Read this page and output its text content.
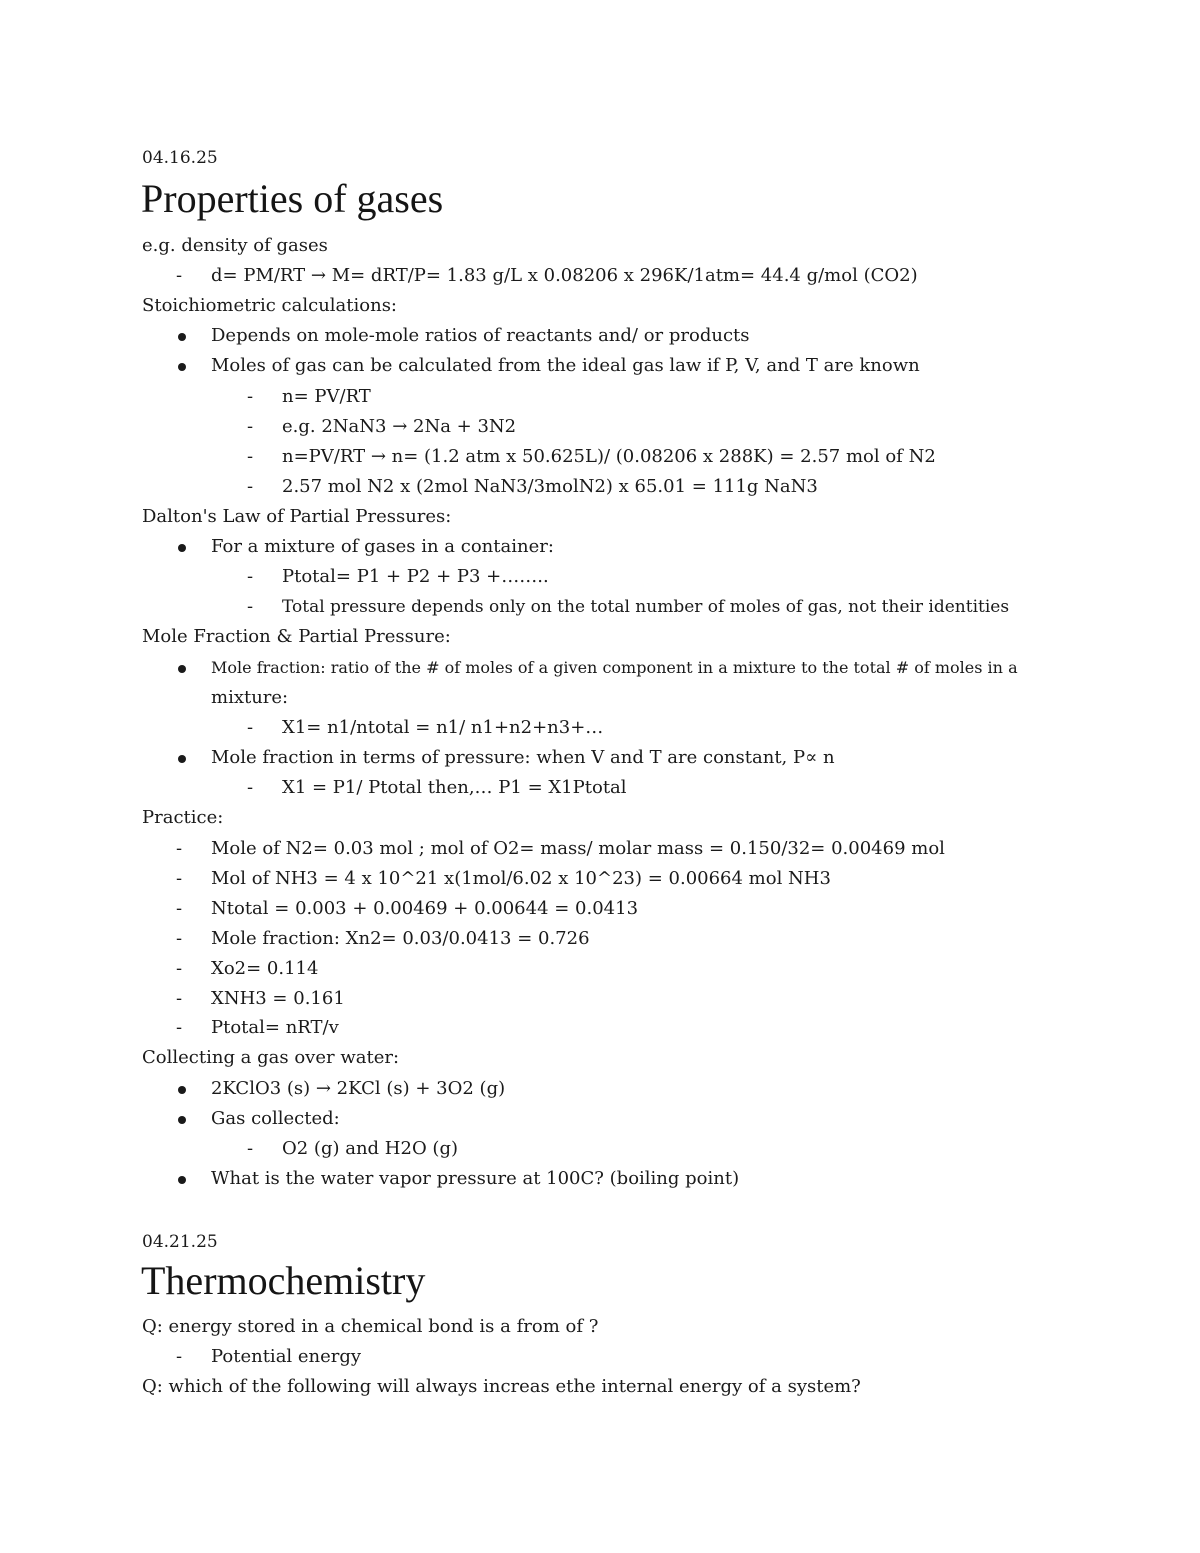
04.16.25
Properties of gases
e.g. density of gases
- d= PM/RT → M= dRT/P= 1.83 g/L x 0.08206 x 296K/1atm= 44.4 g/mol (CO2)
Stoichiometric calculations:
Depends on mole-mole ratios of reactants and/ or products
Moles of gas can be calculated from the ideal gas law if P, V, and T are known
- n= PV/RT
- e.g. 2NaN3 → 2Na + 3N2
- n=PV/RT → n= (1.2 atm x 50.625L)/ (0.08206 x 288K) = 2.57 mol of N2
- 2.57 mol N2 x (2mol NaN3/3molN2) x 65.01 = 111g NaN3
Dalton's Law of Partial Pressures:
For a mixture of gases in a container:
- Ptotal= P1 + P2 + P3 +……..
- Total pressure depends only on the total number of moles of gas, not their identities
Mole Fraction & Partial Pressure:
Mole fraction: ratio of the # of moles of a given component in a mixture to the total # of moles in a
mixture:
- X1= n1/ntotal = n1/ n1+n2+n3+…
Mole fraction in terms of pressure: when V and T are constant, P∝ n
- X1 = P1/ Ptotal then,… P1 = X1Ptotal
Practice:
- Mole of N2= 0.03 mol ; mol of O2= mass/ molar mass = 0.150/32= 0.00469 mol
- Mol of NH3 = 4 x 10^21 x(1mol/6.02 x 10^23) = 0.00664 mol NH3
- Ntotal = 0.003 + 0.00469 + 0.00644 = 0.0413
- Mole fraction: Xn2= 0.03/0.0413 = 0.726
- Xo2= 0.114
- XNH3 = 0.161
- Ptotal= nRT/v
Collecting a gas over water:
2KClO3 (s) → 2KCl (s) + 3O2 (g)
Gas collected:
- O2 (g) and H2O (g)
What is the water vapor pressure at 100C? (boiling point)
04.21.25
Thermochemistry
Q: energy stored in a chemical bond is a from of ?
- Potential energy
Q: which of the following will always increas ethe internal energy of a system?
